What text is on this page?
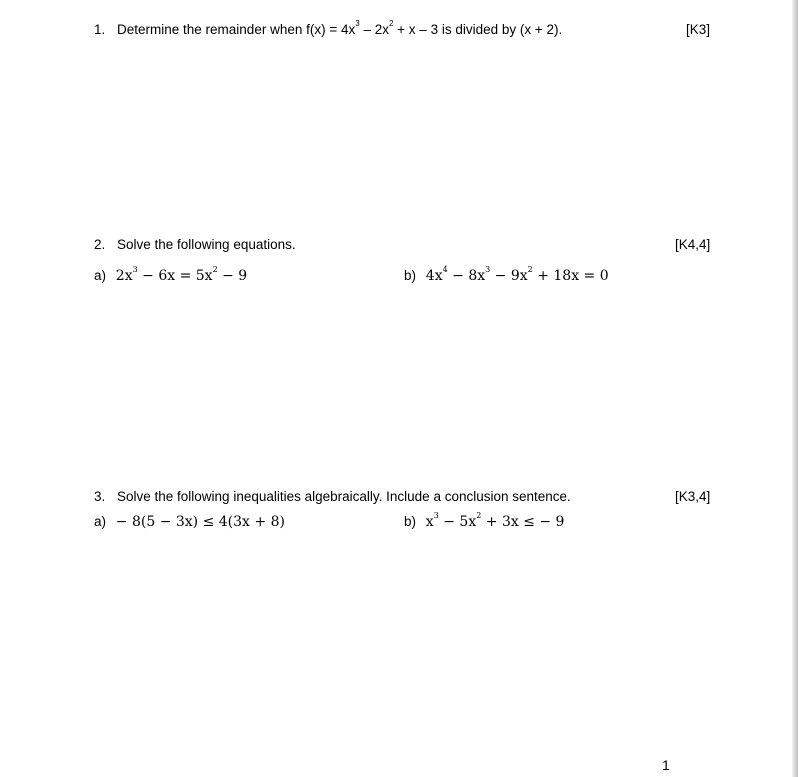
1. Determine the remainder when $f(x) = 4x^3 - 2x^2 + x - 3$ is divided by (x + 2).	[K3]
2. Solve the following equations.	[K4,4]
a) $2x^3 - 6x = 5x^2 - 9$	b) $4x^4 - 8x^3 - 9x^2 + 18x = 0$
3. Solve the following inequalities algebraically. Include a conclusion sentence.	[K3,4]
a) − 8(5 − 3x) ≤ 4(3x + 8)	b) $x^3 - 5x^2 + 3x$ ≤ − 9
1
